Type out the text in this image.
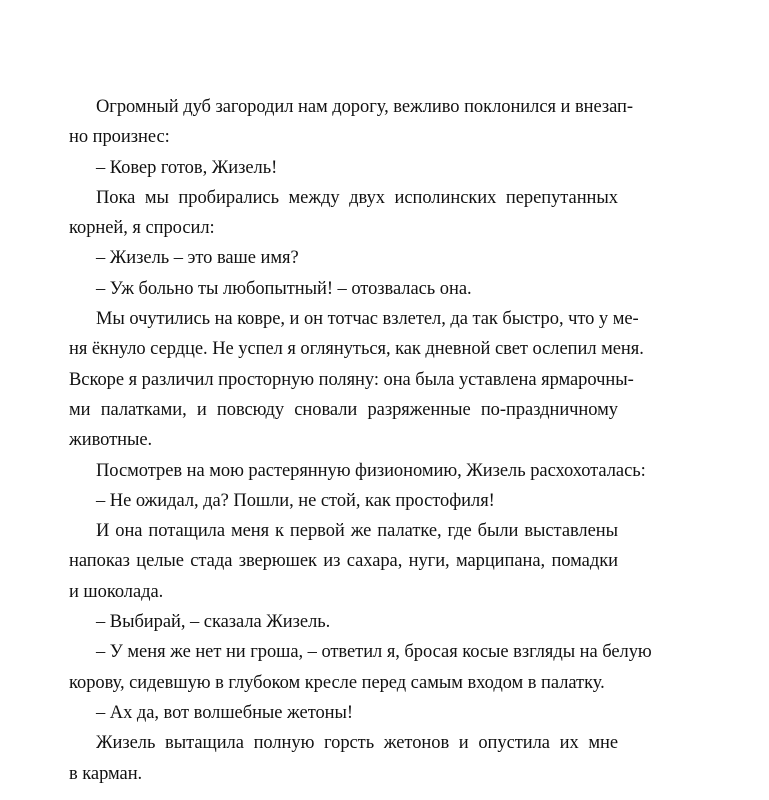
Огромный дуб загородил нам дорогу, вежливо поклонился и внезап-
но произнес:
– Ковер готов, Жизель!
Пока мы пробирались между двух исполинских перепутанных
корней, я спросил:
– Жизель – это ваше имя?
– Уж больно ты любопытный! – отозвалась она.
Мы очутились на ковре, и он тотчас взлетел, да так быстро, что у ме-
ня ёкнуло сердце. Не успел я оглянуться, как дневной свет ослепил меня.
Вскоре я различил просторную поляну: она была уставлена ярмарочны-
ми палатками, и повсюду сновали разряженные по-праздничному
животные.
Посмотрев на мою растерянную физиономию, Жизель расхохоталась:
– Не ожидал, да? Пошли, не стой, как простофиля!
И она потащила меня к первой же палатке, где были выставлены
напоказ целые стада зверюшек из сахара, нуги, марципана, помадки
и шоколада.
– Выбирай, – сказала Жизель.
– У меня же нет ни гроша, – ответил я, бросая косые взгляды на белую
корову, сидевшую в глубоком кресле перед самым входом в палатку.
– Ах да, вот волшебные жетоны!
Жизель вытащила полную горсть жетонов и опустила их мне
в карман.
